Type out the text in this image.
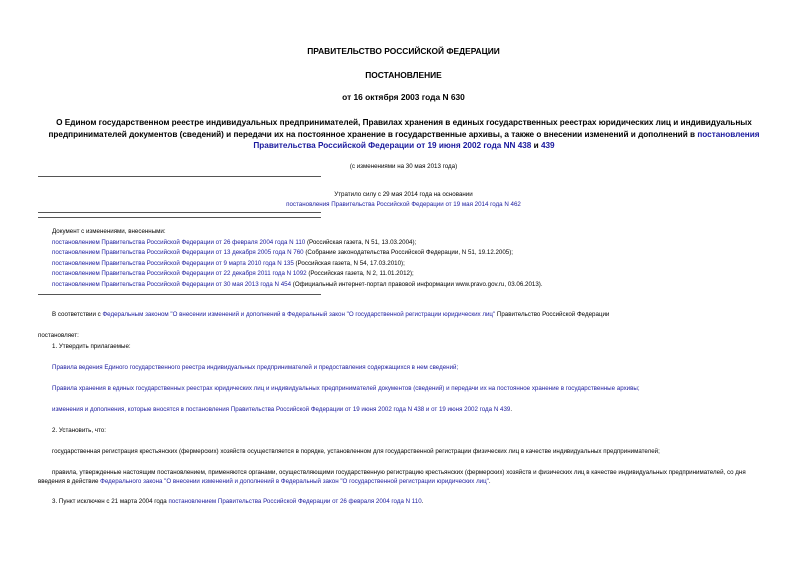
ПРАВИТЕЛЬСТВО РОССИЙСКОЙ ФЕДЕРАЦИИ
ПОСТАНОВЛЕНИЕ
от 16 октября 2003 года N 630
О Едином государственном реестре индивидуальных предпринимателей, Правилах хранения в единых государственных реестрах юридических лиц и индивидуальных предпринимателей документов (сведений) и передачи их на постоянное хранение в государственные архивы, а также о внесении изменений и дополнений в постановления Правительства Российской Федерации от 19 июня 2002 года NN 438 и 439
(с изменениями на 30 мая 2013 года)
Утратило силу с 29 мая 2014 года на основании
постановления Правительства Российской Федерации от 19 мая 2014 года N 462
Документ с изменениями, внесенными:
постановлением Правительства Российской Федерации от 26 февраля 2004 года N 110 (Российская газета, N 51, 13.03.2004);
постановлением Правительства Российской Федерации от 13 декабря 2005 года N 760 (Собрание законодательства Российской Федерации, N 51, 19.12.2005);
постановлением Правительства Российской Федерации от 9 марта 2010 года N 135 (Российская газета, N 54, 17.03.2010);
постановлением Правительства Российской Федерации от 22 декабря 2011 года N 1092 (Российская газета, N 2, 11.01.2012);
постановлением Правительства Российской Федерации от 30 мая 2013 года N 454 (Официальный интернет-портал правовой информации www.pravo.gov.ru, 03.06.2013).
В соответствии с Федеральным законом "О внесении изменений и дополнений в Федеральный закон "О государственной регистрации юридических лиц" Правительство Российской Федерации
постановляет:
1. Утвердить прилагаемые:
Правила ведения Единого государственного реестра индивидуальных предпринимателей и предоставления содержащихся в нем сведений;
Правила хранения в единых государственных реестрах юридических лиц и индивидуальных предпринимателей документов (сведений) и передачи их на постоянное хранение в государственные архивы;
изменения и дополнения, которые вносятся в постановления Правительства Российской Федерации от 19 июня 2002 года N 438 и от 19 июня 2002 года N 439.
2. Установить, что:
государственная регистрация крестьянских (фермерских) хозяйств осуществляется в порядке, установленном для государственной регистрации физических лиц в качестве индивидуальных предпринимателей;
правила, утвержденные настоящим постановлением, применяются органами, осуществляющими государственную регистрацию крестьянских (фермерских) хозяйств и физических лиц в качестве индивидуальных предпринимателей, со дня введения в действие Федерального закона "О внесении изменений и дополнений в Федеральный закон "О государственной регистрации юридических лиц".
3. Пункт исключен с 21 марта 2004 года постановлением Правительства Российской Федерации от 26 февраля 2004 года N 110.
